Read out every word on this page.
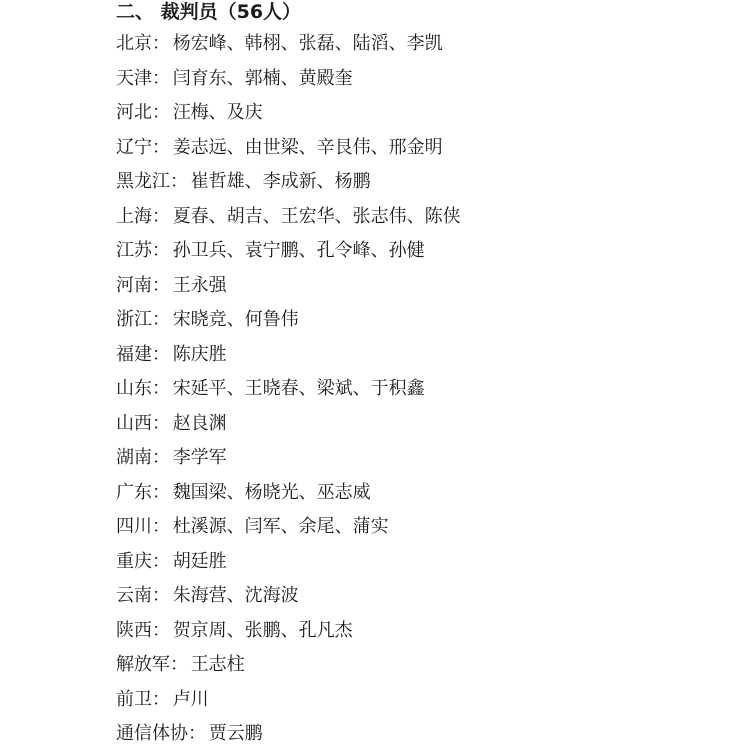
二、 裁判员（56人）
北京： 杨宏峰、韩栩、张磊、陆滔、李凯
天津： 闫育东、郭楠、黄殿奎
河北： 汪梅、及庆
辽宁： 姜志远、由世梁、辛艮伟、邢金明
黑龙江： 崔哲雄、李成新、杨鹏
上海： 夏春、胡吉、王宏华、张志伟、陈侠
江苏： 孙卫兵、袁宁鹏、孔令峰、孙健
河南： 王永强
浙江： 宋晓竞、何鲁伟
福建： 陈庆胜
山东： 宋延平、王晓春、梁斌、于积鑫
山西： 赵良渊
湖南： 李学军
广东： 魏国梁、杨晓光、巫志威
四川： 杜溪源、闫军、余尾、蒲实
重庆： 胡廷胜
云南： 朱海营、沈海波
陕西： 贺京周、张鹏、孔凡杰
解放军： 王志柱
前卫： 卢川
通信体协： 贾云鹏
